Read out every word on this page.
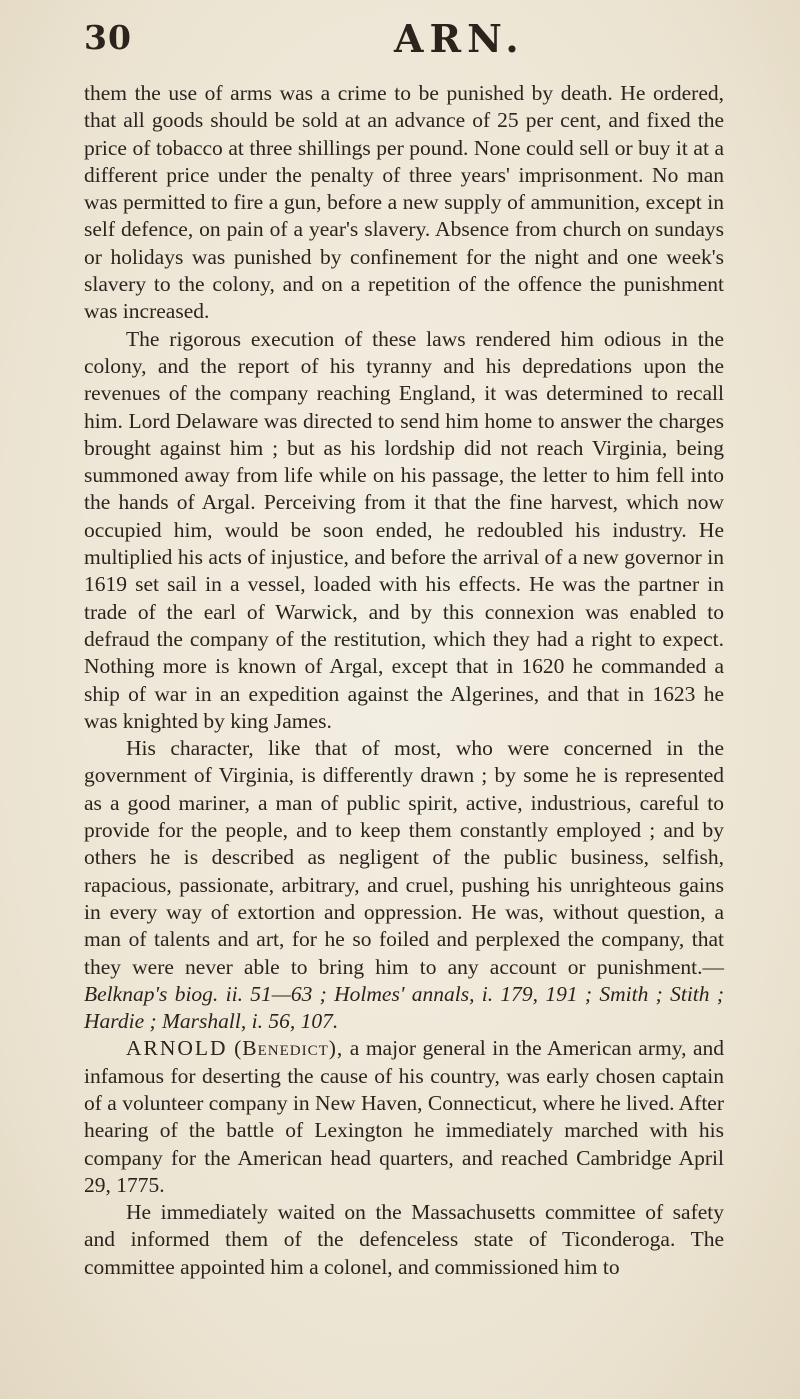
30	ARN.

them the use of arms was a crime to be punished by death. He ordered, that all goods should be sold at an advance of 25 per cent, and fixed the price of tobacco at three shillings per pound. None could sell or buy it at a different price under the penalty of three years' imprisonment. No man was permitted to fire a gun, before a new supply of ammunition, except in self defence, on pain of a year's slavery. Absence from church on sundays or holidays was punished by confinement for the night and one week's slavery to the colony, and on a repetition of the offence the punishment was increased.

The rigorous execution of these laws rendered him odious in the colony, and the report of his tyranny and his depredations upon the revenues of the company reaching England, it was determined to recall him. Lord Delaware was directed to send him home to answer the charges brought against him ; but as his lordship did not reach Virginia, being summoned away from life while on his passage, the letter to him fell into the hands of Argal. Perceiving from it that the fine harvest, which now occupied him, would be soon ended, he redoubled his industry. He multiplied his acts of injustice, and before the arrival of a new governor in 1619 set sail in a vessel, loaded with his effects. He was the partner in trade of the earl of Warwick, and by this connexion was enabled to defraud the company of the restitution, which they had a right to expect. Nothing more is known of Argal, except that in 1620 he commanded a ship of war in an expedition against the Algerines, and that in 1623 he was knighted by king James.

His character, like that of most, who were concerned in the government of Virginia, is differently drawn ; by some he is represented as a good mariner, a man of public spirit, active, industrious, careful to provide for the people, and to keep them constantly employed ; and by others he is described as negligent of the public business, selfish, rapacious, passionate, arbitrary, and cruel, pushing his unrighteous gains in every way of extortion and oppression. He was, without question, a man of talents and art, for he so foiled and perplexed the company, that they were never able to bring him to any account or punishment.—Belknap's biog. ii. 51—63 ; Holmes' annals, i. 179, 191 ; Smith ; Stith ; Hardie ; Marshall, i. 56, 107.

ARNOLD (Benedict), a major general in the American army, and infamous for deserting the cause of his country, was early chosen captain of a volunteer company in New Haven, Connecticut, where he lived. After hearing of the battle of Lexington he immediately marched with his company for the American head quarters, and reached Cambridge April 29, 1775.

He immediately waited on the Massachusetts committee of safety and informed them of the defenceless state of Ticonderoga. The committee appointed him a colonel, and commissioned him to
